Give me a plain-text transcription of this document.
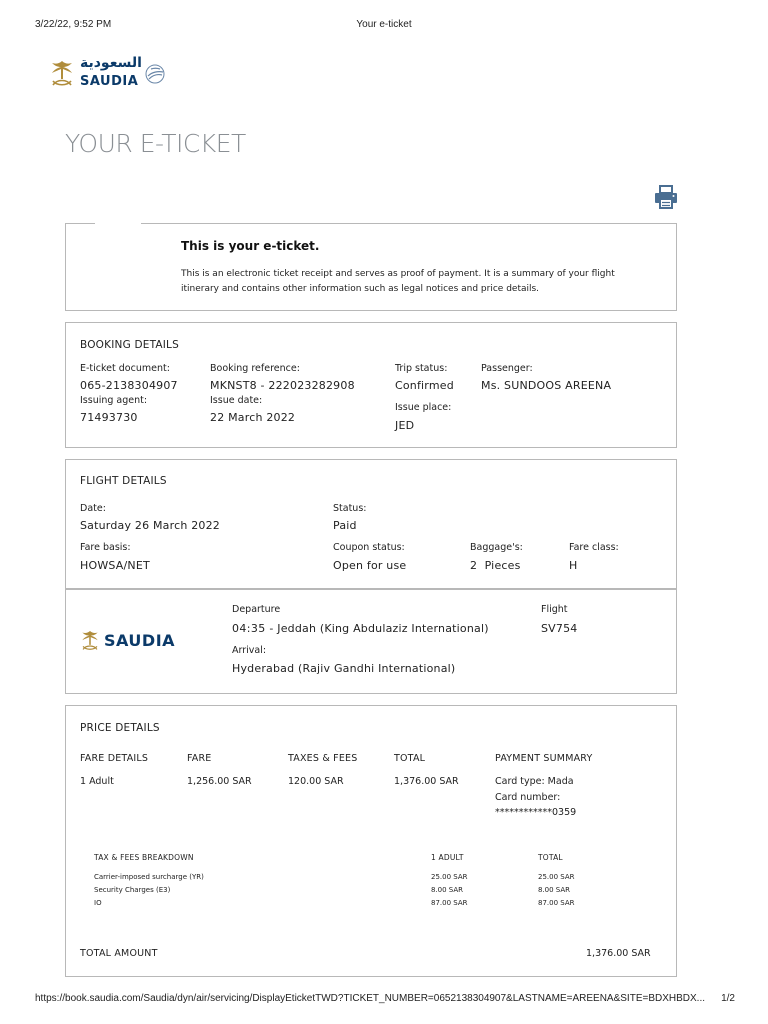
3/22/22, 9:52 PM	Your e-ticket
السعودية
SAUDIA
YOUR E-TICKET
This is your e-ticket.
This is an electronic ticket receipt and serves as proof of payment. It is a summary of your flight itinerary and contains other information such as legal notices and price details.
BOOKING DETAILS
E-ticket document:
065-2138304907
Issuing agent:
71493730
Booking reference:
MKNST8 - 222023282908
Issue date:
22 March 2022
Trip status:
Confirmed
Issue place:
JED
Passenger:
Ms. SUNDOOS AREENA
FLIGHT DETAILS
Date:
Saturday 26 March 2022
Status:
Paid
Fare basis:
HOWSA/NET
Coupon status:
Open for use
Baggage's:
2  Pieces
Fare class:
H
SAUDIA
Departure
04:35 - Jeddah (King Abdulaziz International)
Arrival:
Hyderabad (Rajiv Gandhi International)
Flight
SV754
PRICE DETAILS
FARE DETAILS	FARE	TAXES & FEES	TOTAL	PAYMENT SUMMARY
1 Adult	1,256.00 SAR	120.00 SAR	1,376.00 SAR	Card type: Mada
Card number:
************0359
TAX & FEES BREAKDOWN	1 ADULT	TOTAL
Carrier-imposed surcharge (YR)	25.00 SAR	25.00 SAR
Security Charges (E3)	8.00 SAR	8.00 SAR
IO	87.00 SAR	87.00 SAR
TOTAL AMOUNT	1,376.00 SAR
https://book.saudia.com/Saudia/dyn/air/servicing/DisplayEticketTWD?TICKET_NUMBER=0652138304907&LASTNAME=AREENA&SITE=BDXHBDX... 1/2
